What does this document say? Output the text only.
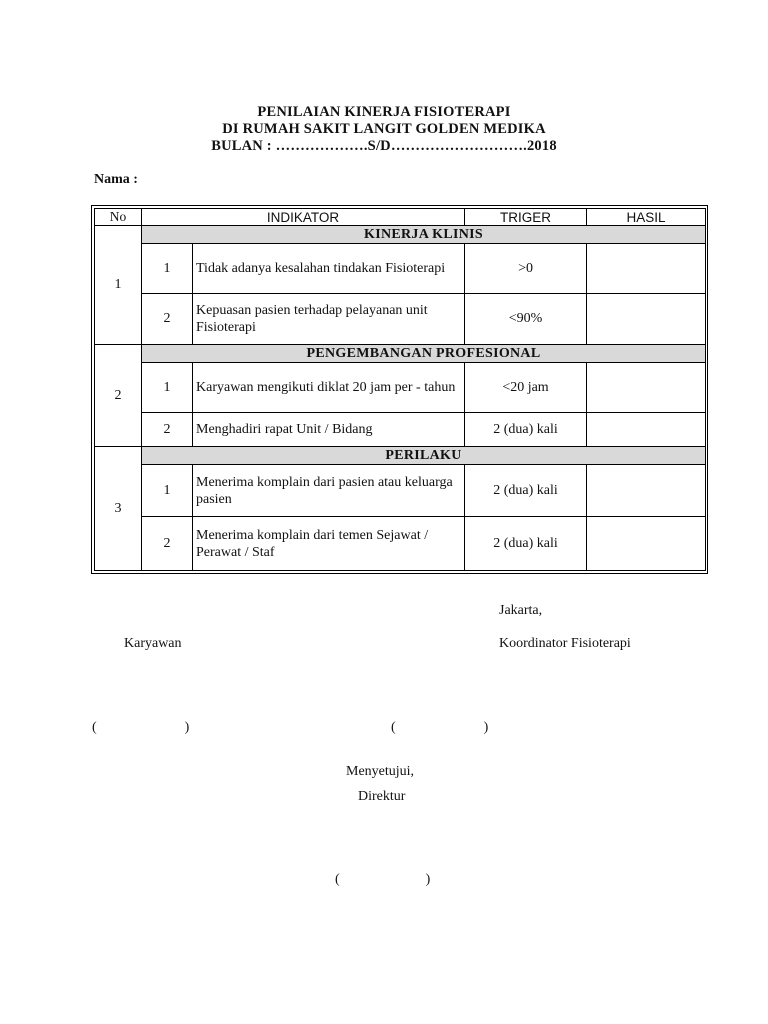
PENILAIAN KINERJA FISIOTERAPI
DI RUMAH SAKIT LANGIT GOLDEN MEDIKA
BULAN : ……………….S/D……………………….2018
Nama :
No	INDIKATOR		TRIGER	HASIL
1	KINERJA KLINIS			
	1	Tidak adanya kesalahan tindakan Fisioterapi	>0	
	2	Kepuasan pasien terhadap pelayanan unit Fisioterapi	<90%	
2	PENGEMBANGAN PROFESIONAL			
	1	Karyawan mengikuti diklat 20 jam per - tahun	<20 jam	
	2	Menghadiri rapat Unit / Bidang	2 (dua) kali	
3	PERILAKU			
	1	Menerima komplain dari pasien atau keluarga pasien	2 (dua) kali	
	2	Menerima komplain dari temen Sejawat / Perawat / Staf	2 (dua) kali	
Jakarta,
Karyawan	Koordinator Fisioterapi
(	)	(	)
Menyetujui,
Direktur
(	)
